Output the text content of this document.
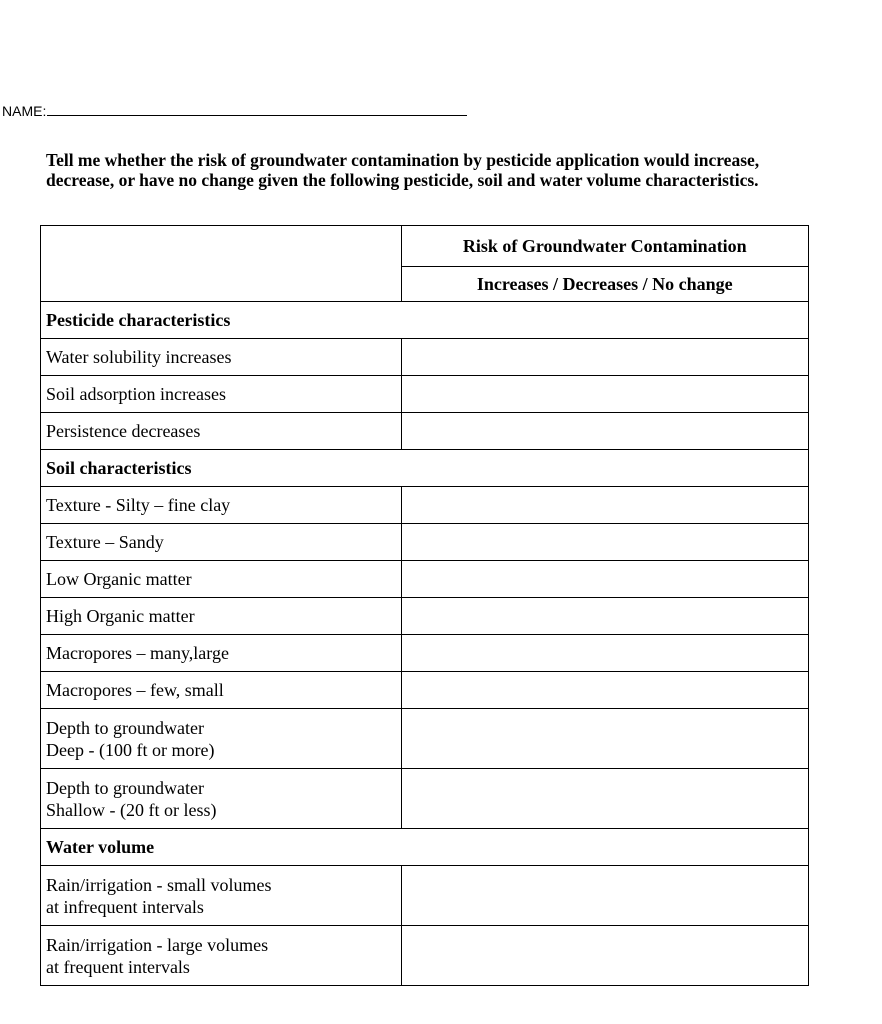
NAME:

Tell me whether the risk of groundwater contamination by pesticide application would increase, decrease, or have no change given the following pesticide, soil and water volume characteristics.

	Risk of Groundwater Contamination
	Increases / Decreases / No change
Pesticide characteristics	

Water solubility increases	

Soil adsorption increases	

Persistence decreases	

Soil characteristics	

Texture - Silty – fine clay	

Texture – Sandy	

Low Organic matter	

High Organic matter	

Macropores – many,large	

Macropores – few, small	

Depth to groundwater
Deep - (100 ft or more)	

Depth to groundwater
Shallow - (20 ft or less)	

Water volume	

Rain/irrigation - small volumes
at infrequent intervals	

Rain/irrigation - large volumes
at frequent intervals	
